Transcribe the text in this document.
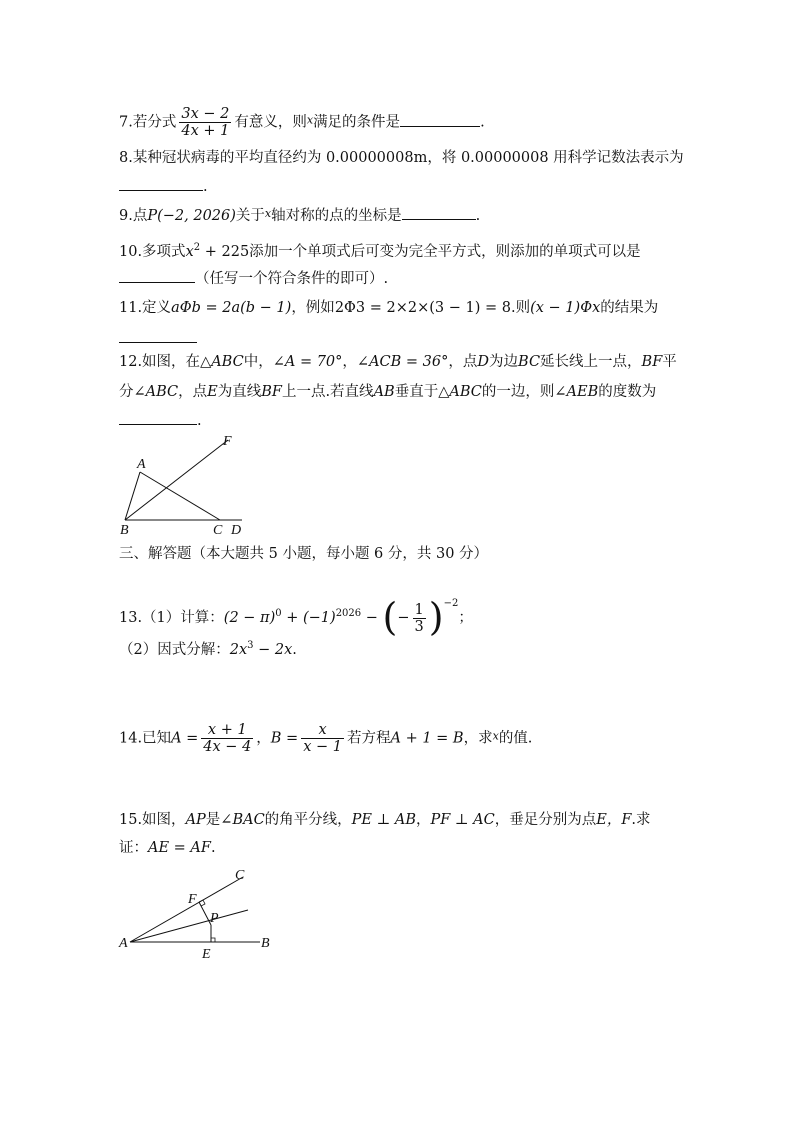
7.若分式 $\frac{3x - 2}{4x + 1}$ 有意义，则$^x$满足的条件是	.
8.某种冠状病毒的平均直径约为 0.00000008m，将 0.00000008 用科学记数法表示为
.
9.点P(−2, 2026)关于$^x$轴对称的点的坐标是	.
10.多项式$x^2 + 225$添加一个单项式后可变为完全平方式，则添加的单项式可以是
（任写一个符合条件的即可）.
11.定义aΦb = 2a(b − 1)，例如2Φ3 = 2×2×(3 − 1) = 8.则(x − 1)Φx的结果为
12.如图，在△ABC中，∠A = 70°，∠ACB = 36°，点D为边BC延长线上一点，BF平
分∠ABC，点E为直线BF上一点.若直线AB垂直于△ABC的一边，则∠AEB的度数为
.
A
B	C D
F
三、解答题（本大题共 5 小题，每小题 6 分，共 30 分）
13.（1）计算：$(2 - \pi)^0 + (-1)^{2026}$ − (− $\frac{1}{3} )^{-2}$；
（2）因式分解：$2x^3 - 2x$.
14.已知$A = \frac{x + 1}{4x - 4}$ ，$B = \frac{x}{x - 1}$ 若方程A + 1 = B，求$^x$的值.
15.如图，AP是∠BAC的角平分线，PE ⊥ AB，PF ⊥ AC，垂足分别为点E，F.求
证：AE = AF.
A	B
C
F
P
E
